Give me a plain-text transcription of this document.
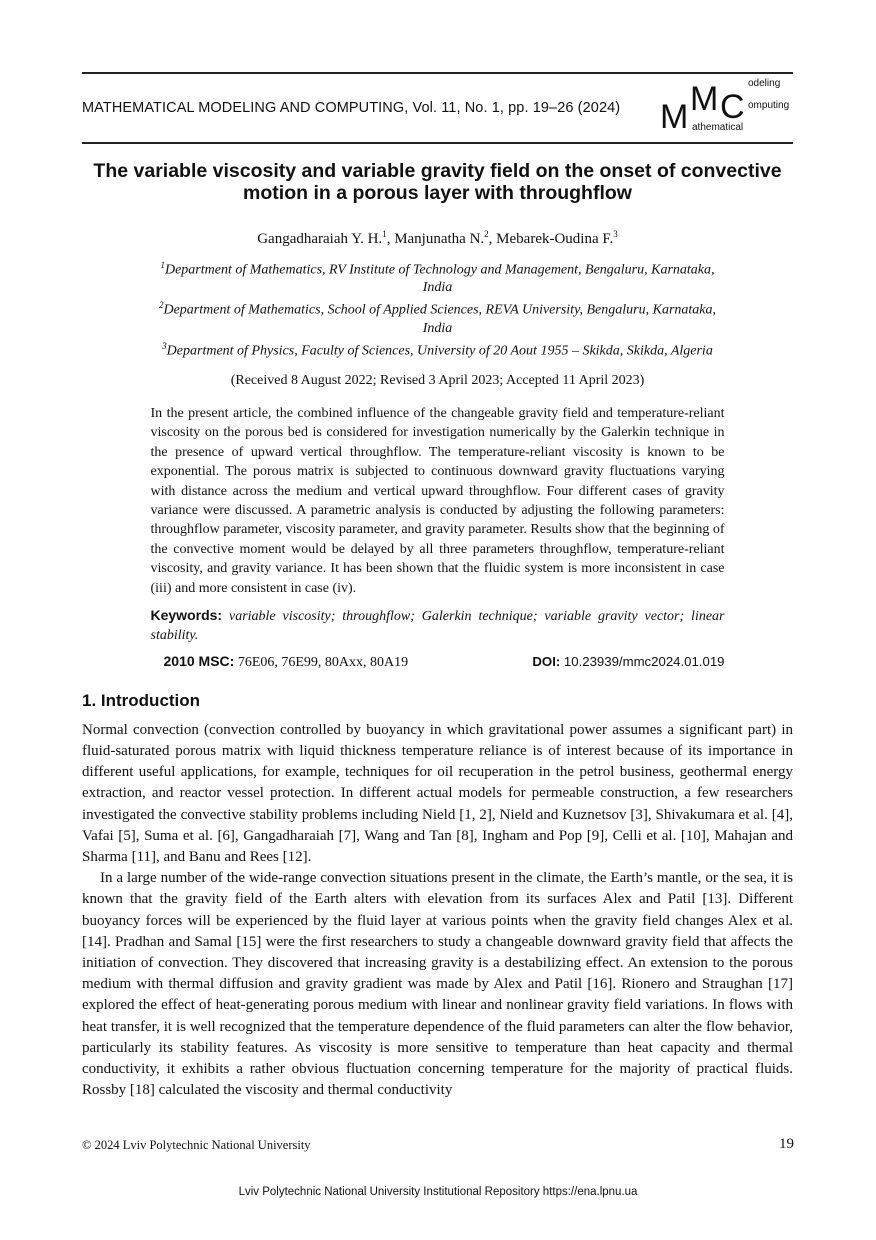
MATHEMATICAL MODELING AND COMPUTING, Vol. 11, No. 1, pp. 19–26 (2024) M M C
odeling
omputing
athematical
The variable viscosity and variable gravity field on the onset of convective motion in a porous layer with throughflow
Gangadharaiah Y. H.$^1$, Manjunatha N.$^2$, Mebarek-Oudina F.$^3$
$^1$Department of Mathematics, RV Institute of Technology and Management, Bengaluru, Karnataka, India
$^2$Department of Mathematics, School of Applied Sciences, REVA University, Bengaluru, Karnataka, India
$^3$Department of Physics, Faculty of Sciences, University of 20 Aout 1955 – Skikda, Skikda, Algeria
(Received 8 August 2022; Revised 3 April 2023; Accepted 11 April 2023)
In the present article, the combined influence of the changeable gravity field and temperature-reliant viscosity on the porous bed is considered for investigation numerically by the Galerkin technique in the presence of upward vertical throughflow. The temperature-reliant viscosity is known to be exponential. The porous matrix is subjected to continuous downward gravity fluctuations varying with distance across the medium and vertical upward throughflow. Four different cases of gravity variance were discussed. A parametric analysis is conducted by adjusting the following parameters: throughflow parameter, viscosity parameter, and gravity parameter. Results show that the beginning of the convective moment would be delayed by all three parameters throughflow, temperature-reliant viscosity, and gravity variance. It has been shown that the fluidic system is more inconsistent in case (iii) and more consistent in case (iv).
Keywords: variable viscosity; throughflow; Galerkin technique; variable gravity vector; linear stability.
2010 MSC: 76E06, 76E99, 80Axx, 80A19	DOI: 10.23939/mmc2024.01.019
1. Introduction

Normal convection (convection controlled by buoyancy in which gravitational power assumes a significant part) in fluid-saturated porous matrix with liquid thickness temperature reliance is of interest because of its importance in different useful applications, for example, techniques for oil recuperation in the petrol business, geothermal energy extraction, and reactor vessel protection. In different actual models for permeable construction, a few researchers investigated the convective stability problems including Nield [1, 2], Nield and Kuznetsov [3], Shivakumara et al. [4], Vafai [5], Suma et al. [6], Gangadharaiah [7], Wang and Tan [8], Ingham and Pop [9], Celli et al. [10], Mahajan and Sharma [11], and Banu and Rees [12].

In a large number of the wide-range convection situations present in the climate, the Earth’s mantle, or the sea, it is known that the gravity field of the Earth alters with elevation from its surfaces Alex and Patil [13]. Different buoyancy forces will be experienced by the fluid layer at various points when the gravity field changes Alex et al. [14]. Pradhan and Samal [15] were the first researchers to study a changeable downward gravity field that affects the initiation of convection. They discovered that increasing gravity is a destabilizing effect. An extension to the porous medium with thermal diffusion and gravity gradient was made by Alex and Patil [16]. Rionero and Straughan [17] explored the effect of heat-generating porous medium with linear and nonlinear gravity field variations. In flows with heat transfer, it is well recognized that the temperature dependence of the fluid parameters can alter the flow behavior, particularly its stability features. As viscosity is more sensitive to temperature than heat capacity and thermal conductivity, it exhibits a rather obvious fluctuation concerning temperature for the majority of practical fluids. Rossby [18] calculated the viscosity and thermal conductivity

© 2024 Lviv Polytechnic National University	19
Lviv Polytechnic National University Institutional Repository https://ena.lpnu.ua
